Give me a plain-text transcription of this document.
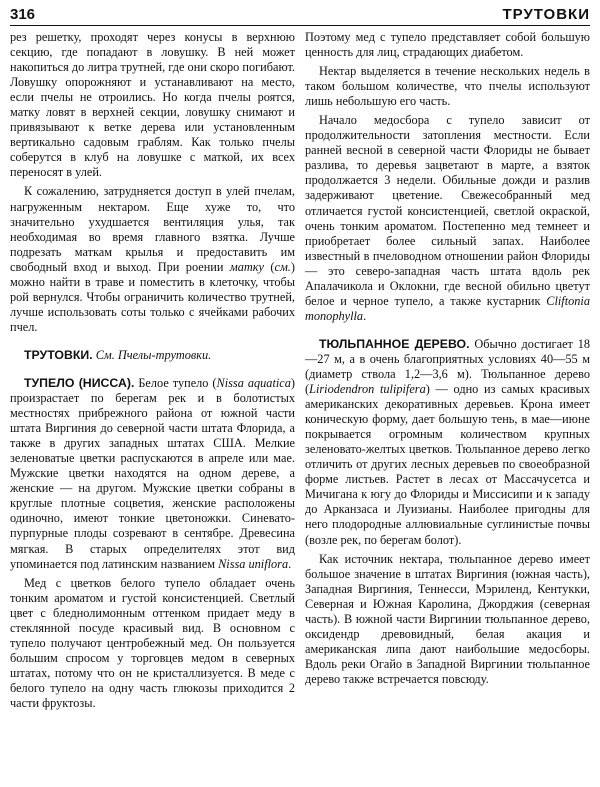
316	ТРУТОВКИ

рез решетку, проходят через конусы в верхнюю секцию, где попадают в ловушку. В ней может накопиться до литра трутней, где они скоро погибают. Ловушку опорожняют и устанавливают на место, если пчелы не отроились. Но когда пчелы роятся, матку ловят в верхней секции, ловушку снимают и привязывают к ветке дерева или установленным вертикально садовым граблям. Как только пчелы соберутся в клуб на ловушке с маткой, их всех переносят в улей.

К сожалению, затрудняется доступ в улей пчелам, нагруженным нектаром. Еще хуже то, что значительно ухудшается вентиляция улья, так необходимая во время главного взятка. Лучше подрезать маткам крылья и предоставить им свободный вход и выход. При роении матку (см.) можно найти в траве и поместить в клеточку, чтобы рой вернулся. Чтобы ограничить количество трутней, лучше использовать соты только с ячейками рабочих пчел.

ТРУТОВКИ. См. Пчелы-трутовки.

ТУПЕЛО (НИССА). Белое тупело (Nissa aquatica) произрастает по берегам рек и в болотистых местностях прибрежного района от южной части штата Виргиния до северной части штата Флорида, а также в других западных штатах США. Мелкие зеленоватые цветки распускаются в апреле или мае. Мужские цветки находятся на одном дереве, а женские — на другом. Мужские цветки собраны в круглые плотные соцветия, женские расположены одиночно, имеют тонкие цветоножки. Синевато-пурпурные плоды созревают в сентябре. Древесина мягкая. В старых определителях этот вид упоминается под латинским названием Nissa uniflora.

Мед с цветков белого тупело обладает очень тонким ароматом и густой консистенцией. Светлый цвет с бледнолимонным оттенком придает меду в стеклянной посуде красивый вид. В основном с тупело получают центробежный мед. Он пользуется большим спросом у торговцев медом в северных штатах, потому что он не кристаллизуется. В меде с белого тупело на одну часть глюкозы приходится 2 части фруктозы.

Поэтому мед с тупело представляет собой большую ценность для лиц, страдающих диабетом.

Нектар выделяется в течение нескольких недель в таком большом количестве, что пчелы используют лишь небольшую его часть.

Начало медосбора с тупело зависит от продолжительности затопления местности. Если ранней весной в северной части Флориды не бывает разлива, то деревья зацветают в марте, а взяток продолжается 3 недели. Обильные дожди и разлив задерживают цветение. Свежесобранный мед отличается густой консистенцией, светлой окраской, очень тонким ароматом. Постепенно мед темнеет и приобретает более сильный запах. Наиболее известный в пчеловодном отношении район Флориды — это северо-западная часть штата вдоль рек Апалачикола и Оклокни, где весной обильно цветут белое и черное тупело, а также кустарник Cliftonia monophylla.

ТЮЛЬПАННОЕ ДЕРЕВО. Обычно достигает 18—27 м, а в очень благоприятных условиях 40—55 м (диаметр ствола 1,2—3,6 м). Тюльпанное дерево (Liriodendron tulipifera) — одно из самых красивых американских декоративных деревьев. Крона имеет коническую форму, дает большую тень, в мае—июне покрывается огромным количеством крупных зеленовато-желтых цветков. Тюльпанное дерево легко отличить от других лесных деревьев по своеобразной форме листьев. Растет в лесах от Массачусетса и Мичигана к югу до Флориды и Миссисипи и к западу до Арканзаса и Луизианы. Наиболее пригодны для него плодородные аллювиальные суглинистые почвы (возле рек, по берегам болот).

Как источник нектара, тюльпанное дерево имеет большое значение в штатах Виргиния (южная часть), Западная Виргиния, Теннесси, Мэриленд, Кентукки, Северная и Южная Каролина, Джорджия (северная часть). В южной части Виргинии тюльпанное дерево, оксидендр древовидный, белая акация и американская липа дают наибольшие медосборы. Вдоль реки Огайо в Западной Виргинии тюльпанное дерево также встречается повсюду.
